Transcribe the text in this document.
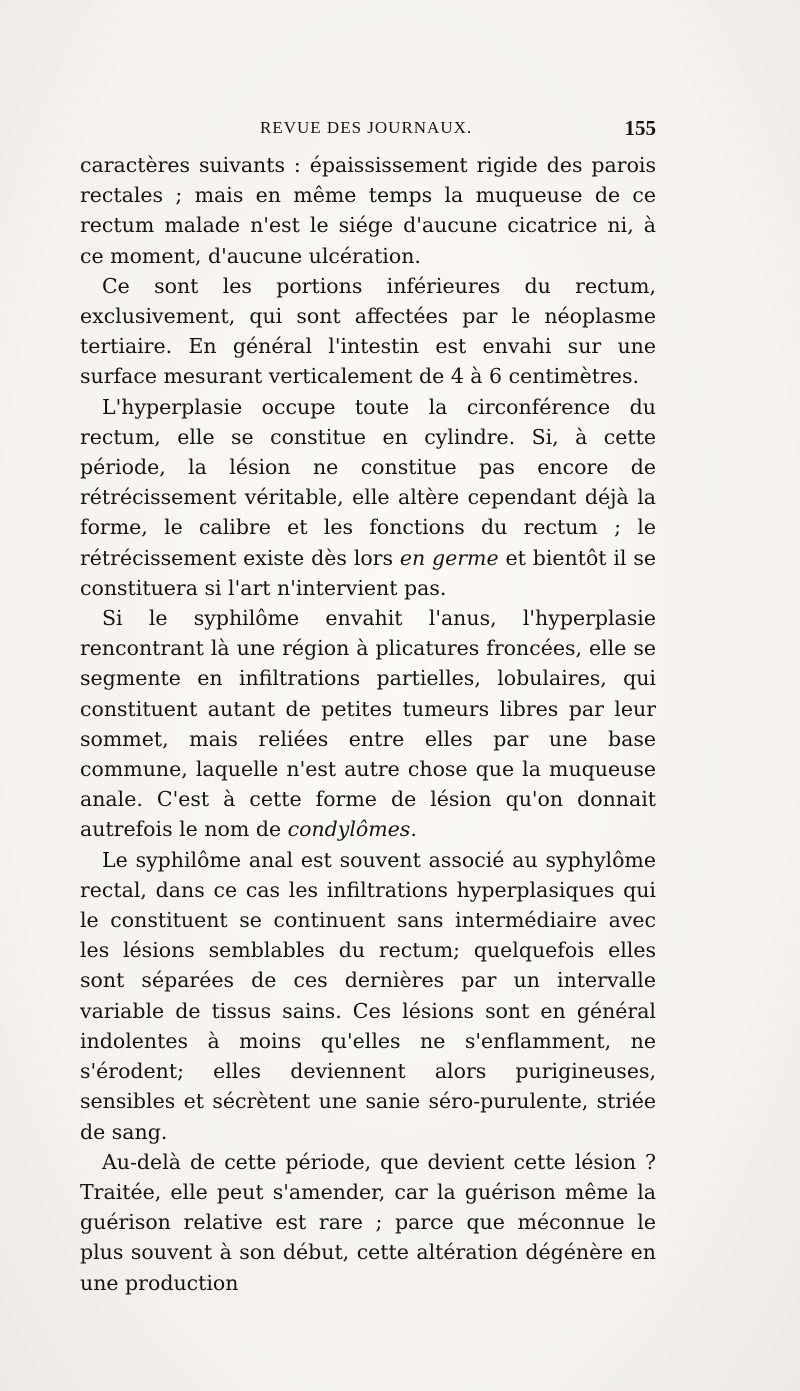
REVUE DES JOURNAUX.	155

caractères suivants : épaississement rigide des parois rectales ; mais en même temps la muqueuse de ce rectum malade n'est le siége d'aucune cicatrice ni, à ce moment, d'aucune ulcération.

Ce sont les portions inférieures du rectum, exclusivement, qui sont affectées par le néoplasme tertiaire. En général l'intestin est envahi sur une surface mesurant verticalement de 4 à 6 centimètres.

L'hyperplasie occupe toute la circonférence du rectum, elle se constitue en cylindre. Si, à cette période, la lésion ne constitue pas encore de rétrécissement véritable, elle altère cependant déjà la forme, le calibre et les fonctions du rectum ; le rétrécissement existe dès lors en germe et bientôt il se constituera si l'art n'intervient pas.

Si le syphilôme envahit l'anus, l'hyperplasie rencontrant là une région à plicatures froncées, elle se segmente en infiltrations partielles, lobulaires, qui constituent autant de petites tumeurs libres par leur sommet, mais reliées entre elles par une base commune, laquelle n'est autre chose que la muqueuse anale. C'est à cette forme de lésion qu'on donnait autrefois le nom de condylômes.

Le syphilôme anal est souvent associé au syphylôme rectal, dans ce cas les infiltrations hyperplasiques qui le constituent se continuent sans intermédiaire avec les lésions semblables du rectum; quelquefois elles sont séparées de ces dernières par un intervalle variable de tissus sains. Ces lésions sont en général indolentes à moins qu'elles ne s'enflamment, ne s'érodent; elles deviennent alors purigineuses, sensibles et sécrètent une sanie séro-purulente, striée de sang.

Au-delà de cette période, que devient cette lésion ? Traitée, elle peut s'amender, car la guérison même la guérison relative est rare ; parce que méconnue le plus souvent à son début, cette altération dégénère en une production
